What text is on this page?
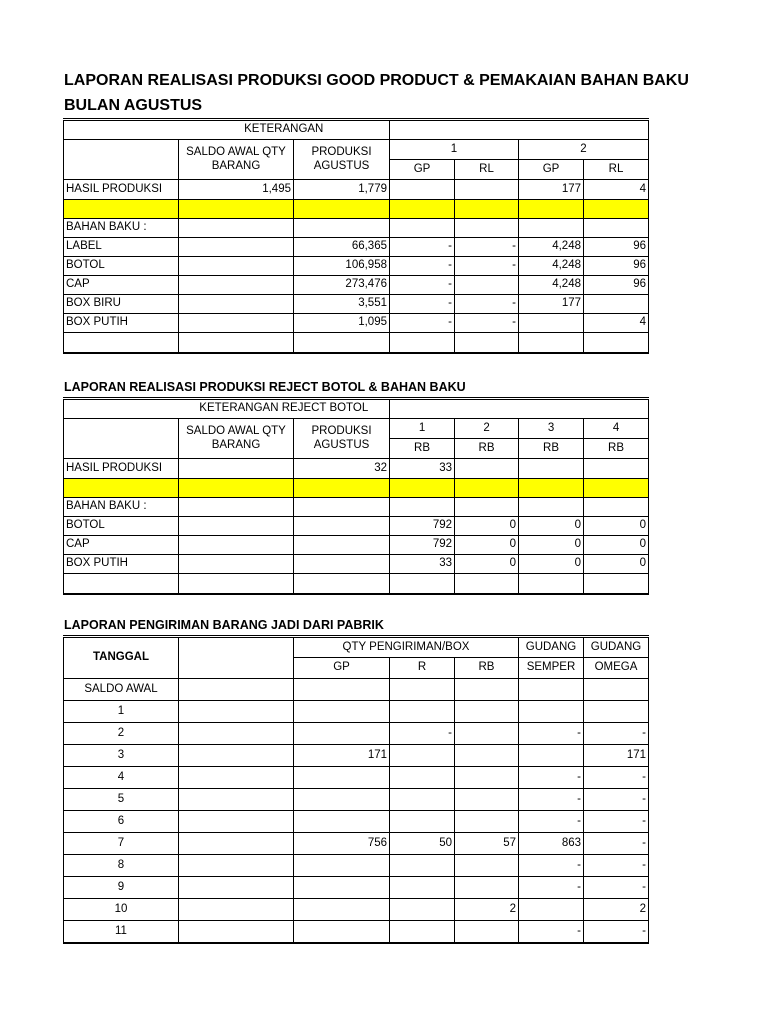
LAPORAN REALISASI PRODUKSI GOOD PRODUCT & PEMAKAIAN BAHAN BAKU
BULAN AGUSTUS
	KETERANGAN					
	SALDO AWAL QTY BARANG	PRODUKSI AGUSTUS	1		2	
			GP	RL	GP	RL
HASIL PRODUKSI	1,495	1,779			177	4

BAHAN BAKU :						
LABEL		66,365	-	-	4,248	96
BOTOL		106,958	-	-	4,248	96
CAP		273,476	-		4,248	96
BOX BIRU		3,551	-	-	177	
BOX PUTIH		1,095	-	-		4

LAPORAN REALISASI PRODUKSI REJECT BOTOL & BAHAN BAKU
	KETERANGAN REJECT BOTOL					
	SALDO AWAL QTY BARANG	PRODUKSI AGUSTUS	1	2	3	4
			RB	RB	RB	RB
HASIL PRODUKSI		32	33			

BAHAN BAKU :						
BOTOL			792	0	0	0
CAP			792	0	0	0
BOX PUTIH			33	0	0	0

LAPORAN PENGIRIMAN BARANG JADI DARI PABRIK
TANGGAL		QTY PENGIRIMAN/BOX			GUDANG	GUDANG
		GP	R	RB	SEMPER	OMEGA
SALDO AWAL						
1						
2			-		-	-
3		171				171
4					-	-
5					-	-
6					-	-
7		756	50	57	863	-
8					-	-
9					-	-
10				2		2
11					-	-
